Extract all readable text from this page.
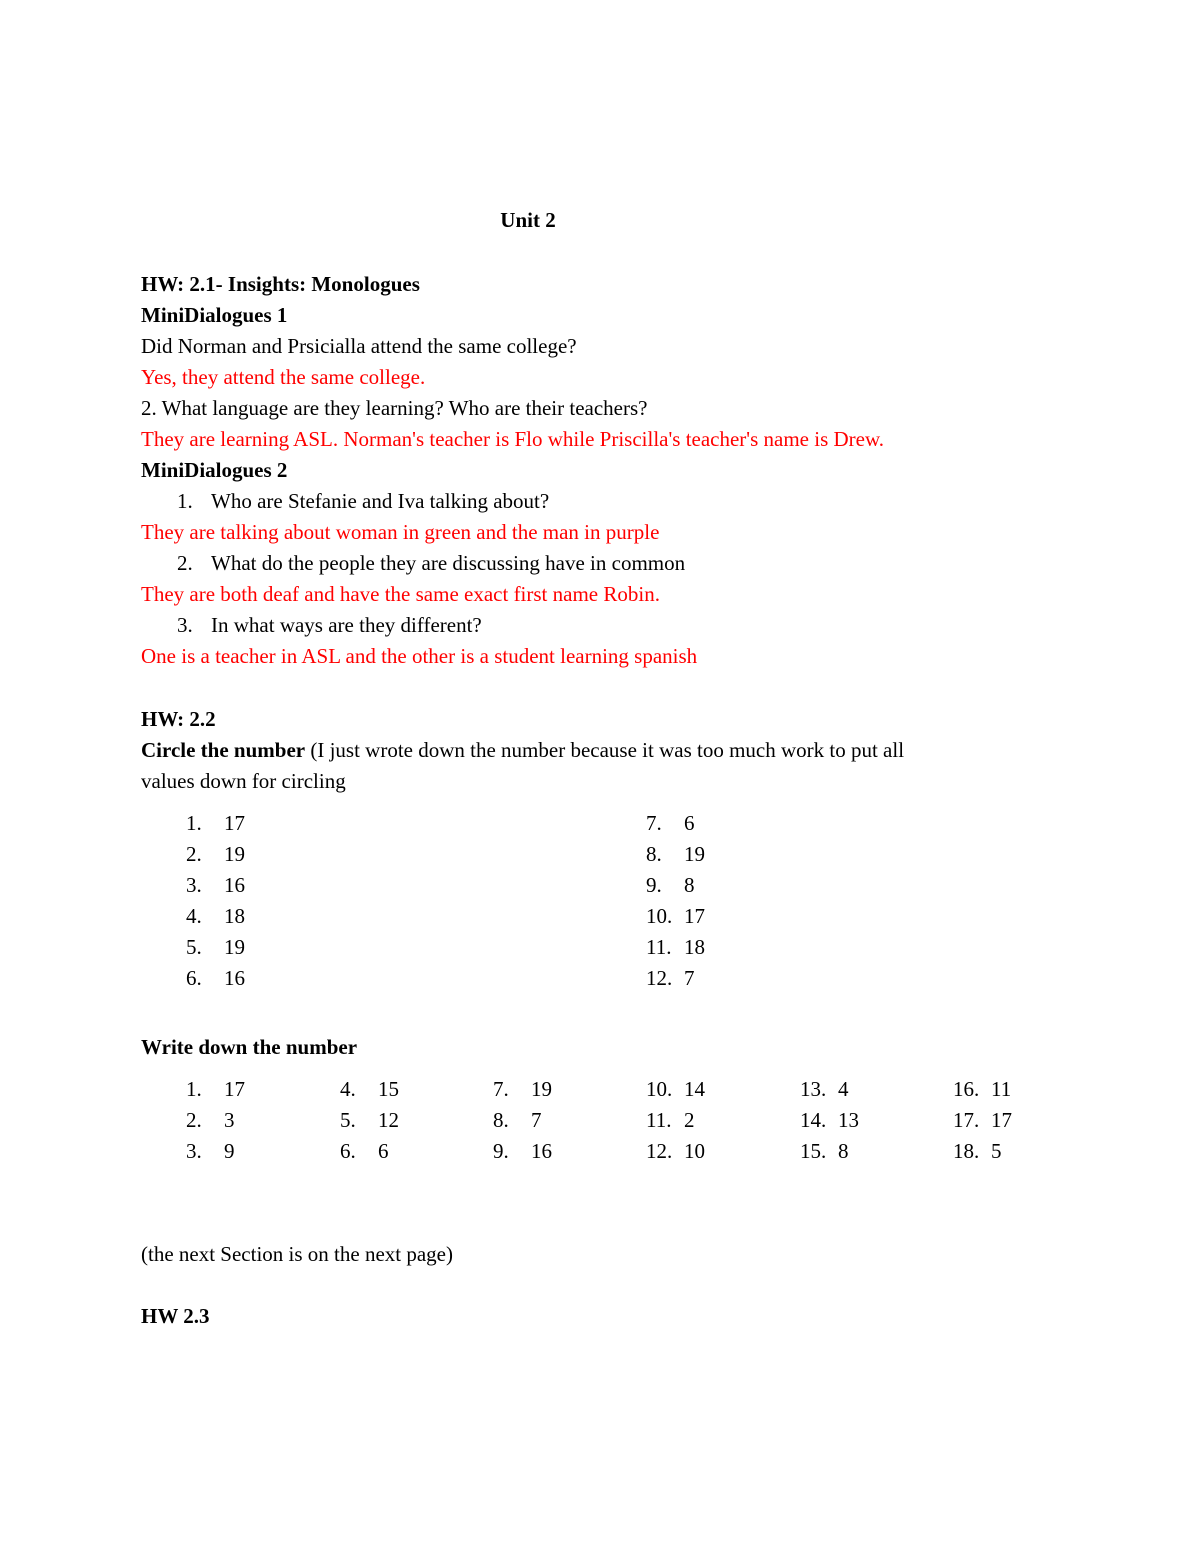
Unit 2
HW: 2.1- Insights: Monologues
MiniDialogues 1
Did Norman and Prsicialla attend the same college?
Yes, they attend the same college.
2. What language are they learning? Who are their teachers?
They are learning ASL. Norman's teacher is Flo while Priscilla's teacher's name is Drew.
MiniDialogues 2
1. Who are Stefanie and Iva talking about?
They are talking about woman in green and the man in purple
2. What do the people they are discussing have in common
They are both deaf and have the same exact first name Robin.
3. In what ways are they different?
One is a teacher in ASL and the other is a student learning spanish
HW: 2.2
Circle the number (I just wrote down the number because it was too much work to put all
values down for circling
1. 17
2. 19
3. 16
4. 18
5. 19
6. 16
7. 6
8. 19
9. 8
10. 17
11. 18
12. 7
Write down the number
1. 17
2. 3
3. 9
4. 15
5. 12
6. 6
7. 19
8. 7
9. 16
10. 14
11. 2
12. 10
13. 4
14. 13
15. 8
16. 11
17. 17
18. 5
(the next Section is on the next page)
HW 2.3
